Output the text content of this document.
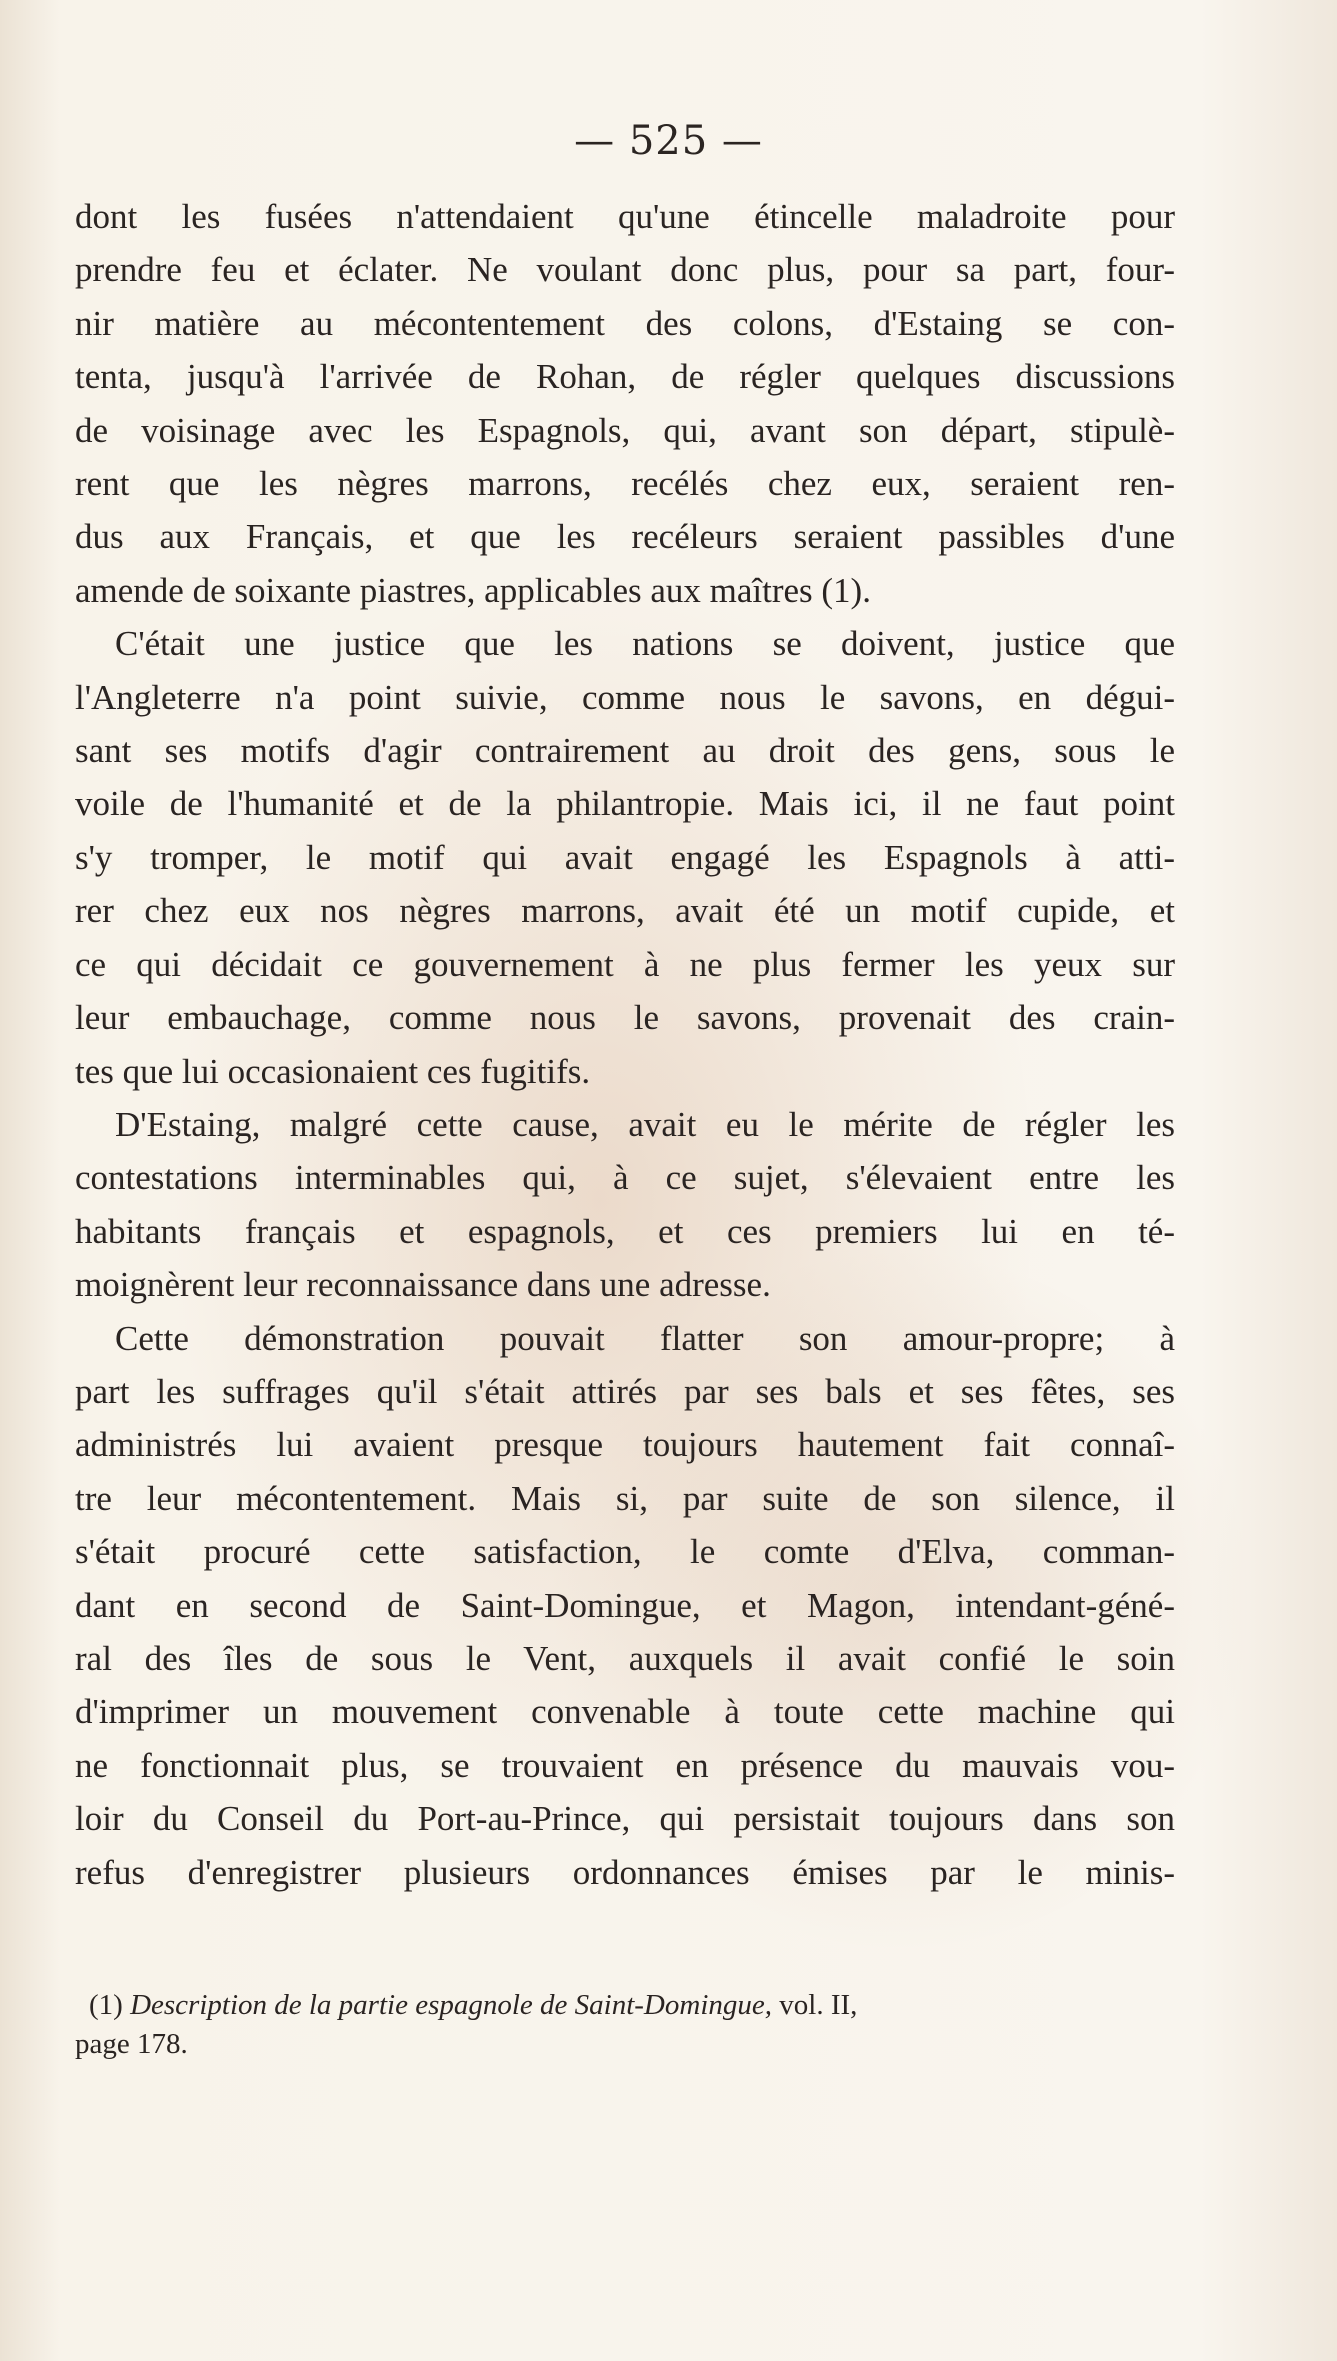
— 525 —
dont les fusées n'attendaient qu'une étincelle maladroite pour
prendre feu et éclater. Ne voulant donc plus, pour sa part, four-
nir matière au mécontentement des colons, d'Estaing se con-
tenta, jusqu'à l'arrivée de Rohan, de régler quelques discussions
de voisinage avec les Espagnols, qui, avant son départ, stipulè-
rent que les nègres marrons, recélés chez eux, seraient ren-
dus aux Français, et que les recéleurs seraient passibles d'une
amende de soixante piastres, applicables aux maîtres (1).
C'était une justice que les nations se doivent, justice que
l'Angleterre n'a point suivie, comme nous le savons, en dégui-
sant ses motifs d'agir contrairement au droit des gens, sous le
voile de l'humanité et de la philantropie. Mais ici, il ne faut point
s'y tromper, le motif qui avait engagé les Espagnols à atti-
rer chez eux nos nègres marrons, avait été un motif cupide, et
ce qui décidait ce gouvernement à ne plus fermer les yeux sur
leur embauchage, comme nous le savons, provenait des crain-
tes que lui occasionaient ces fugitifs.
D'Estaing, malgré cette cause, avait eu le mérite de régler les
contestations interminables qui, à ce sujet, s'élevaient entre les
habitants français et espagnols, et ces premiers lui en té-
moignèrent leur reconnaissance dans une adresse.
Cette démonstration pouvait flatter son amour-propre; à
part les suffrages qu'il s'était attirés par ses bals et ses fêtes, ses
administrés lui avaient presque toujours hautement fait connaî-
tre leur mécontentement. Mais si, par suite de son silence, il
s'était procuré cette satisfaction, le comte d'Elva, comman-
dant en second de Saint-Domingue, et Magon, intendant-géné-
ral des îles de sous le Vent, auxquels il avait confié le soin
d'imprimer un mouvement convenable à toute cette machine qui
ne fonctionnait plus, se trouvaient en présence du mauvais vou-
loir du Conseil du Port-au-Prince, qui persistait toujours dans son
refus d'enregistrer plusieurs ordonnances émises par le minis-
(1) Description de la partie espagnole de Saint-Domingue, vol. II,
page 178.
